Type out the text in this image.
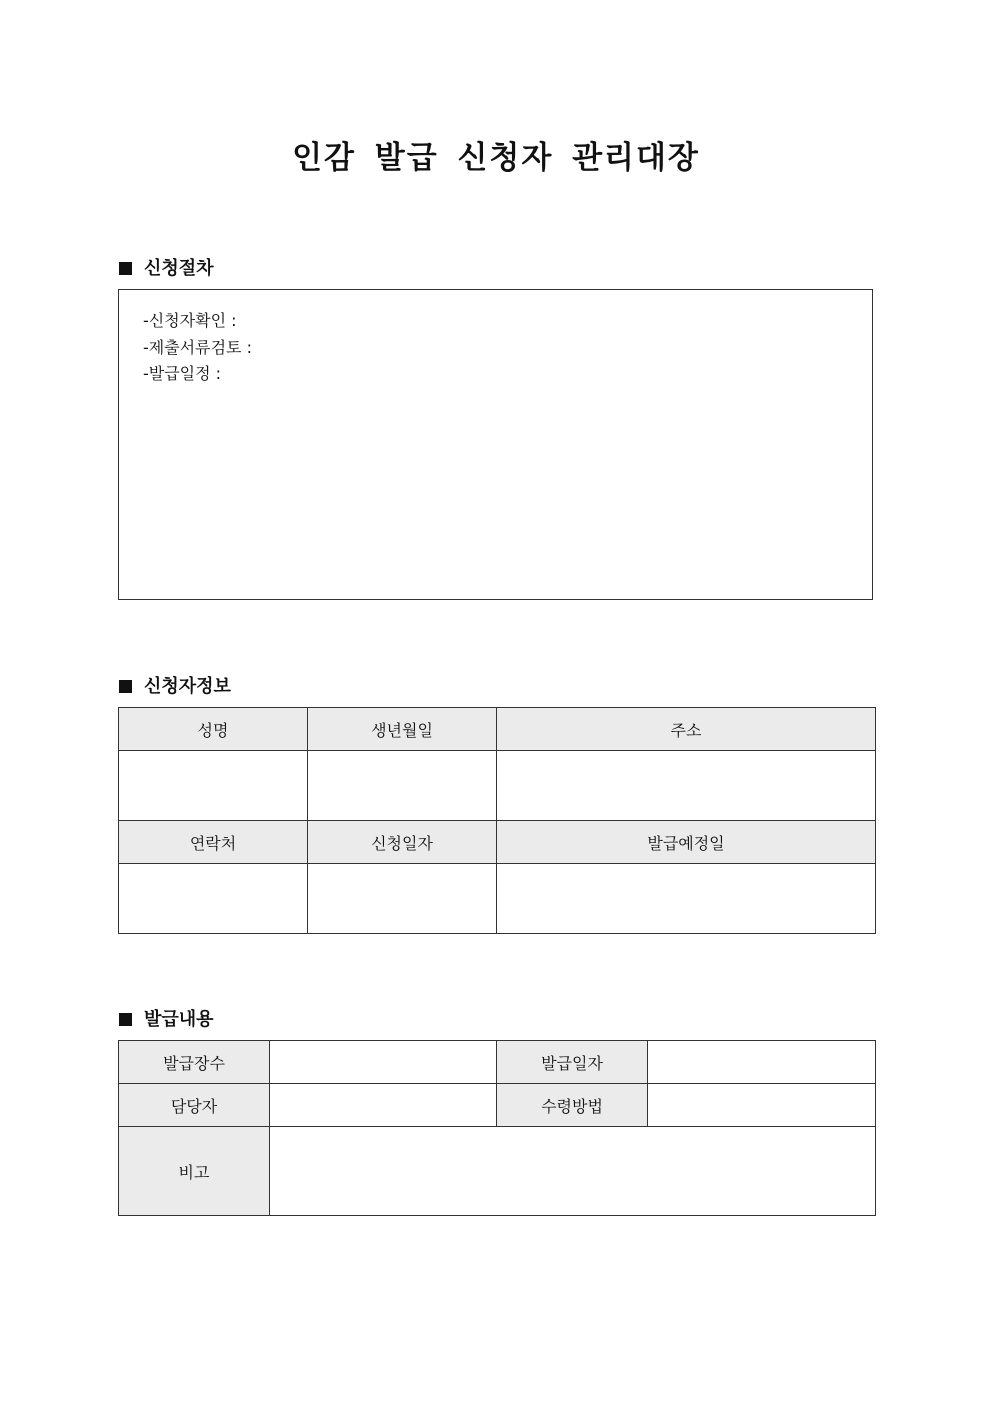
인감 발급 신청자 관리대장
신청절차
-신청자확인 :
-제출서류검토 :
-발급일정 :
신청자정보
성명	생년월일	주소

연락처	신청일자	발급예정일

발급내용
발급장수		발급일자	
담당자		수령방법	
비고			
